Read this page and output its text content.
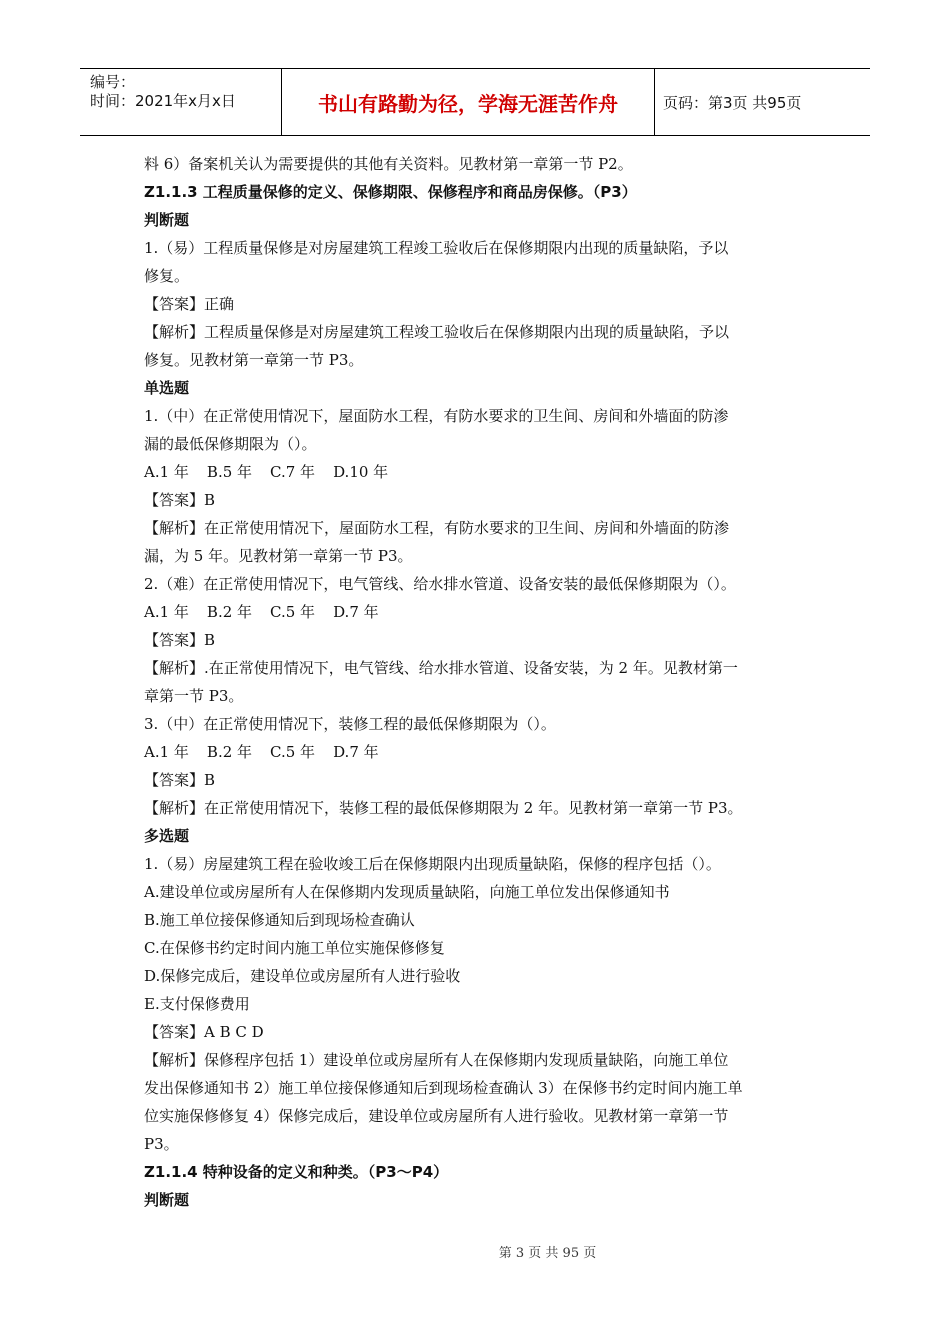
编号：
时间：2021年x月x日	书山有路勤为径，学海无涯苦作舟	页码：第3页 共95页

料 6）备案机关认为需要提供的其他有关资料。见教材第一章第一节 P2。

Z1.1.3 工程质量保修的定义、保修期限、保修程序和商品房保修。（P3）

判断题

1.（易）工程质量保修是对房屋建筑工程竣工验收后在保修期限内出现的质量缺陷，予以

修复。

【答案】正确

【解析】工程质量保修是对房屋建筑工程竣工验收后在保修期限内出现的质量缺陷，予以

修复。见教材第一章第一节 P3。

单选题

1.（中）在正常使用情况下，屋面防水工程，有防水要求的卫生间、房间和外墙面的防渗

漏的最低保修期限为（）。

A.1 年 B.5 年 C.7 年 D.10 年

【答案】B

【解析】在正常使用情况下，屋面防水工程，有防水要求的卫生间、房间和外墙面的防渗

漏，为 5 年。见教材第一章第一节 P3。

2.（难）在正常使用情况下，电气管线、给水排水管道、设备安装的最低保修期限为（）。

A.1 年 B.2 年 C.5 年 D.7 年

【答案】B

【解析】.在正常使用情况下，电气管线、给水排水管道、设备安装，为 2 年。见教材第一

章第一节 P3。

3.（中）在正常使用情况下，装修工程的最低保修期限为（）。

A.1 年 B.2 年 C.5 年 D.7 年

【答案】B

【解析】在正常使用情况下，装修工程的最低保修期限为 2 年。见教材第一章第一节 P3。

多选题

1.（易）房屋建筑工程在验收竣工后在保修期限内出现质量缺陷，保修的程序包括（）。

A.建设单位或房屋所有人在保修期内发现质量缺陷，向施工单位发出保修通知书

B.施工单位接保修通知后到现场检查确认

C.在保修书约定时间内施工单位实施保修修复

D.保修完成后，建设单位或房屋所有人进行验收

E.支付保修费用

【答案】A B C D

【解析】保修程序包括 1）建设单位或房屋所有人在保修期内发现质量缺陷，向施工单位

发出保修通知书 2）施工单位接保修通知后到现场检查确认 3）在保修书约定时间内施工单

位实施保修修复 4）保修完成后，建设单位或房屋所有人进行验收。见教材第一章第一节

P3。

Z1.1.4 特种设备的定义和种类。（P3～P4）

判断题

第 3 页 共 95 页
